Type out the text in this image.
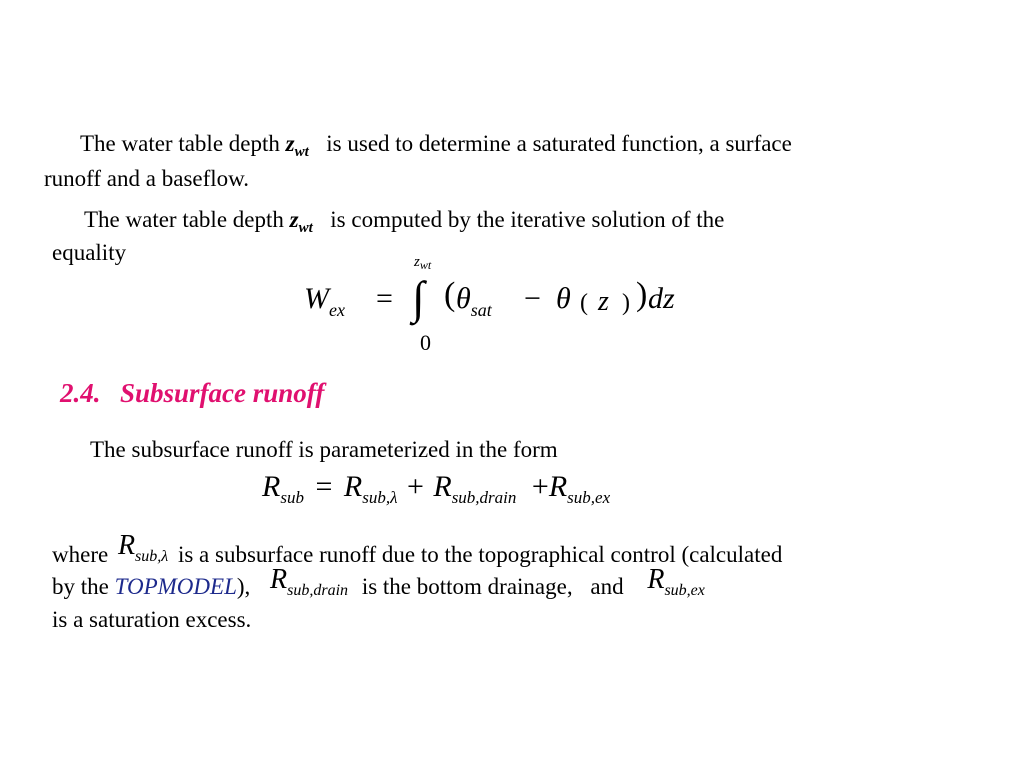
The water table depth $z_{wt}$ is used to determine a saturated function, a surface
runoff and a baseflow.
The water table depth $z_{wt}$ is computed by the iterative solution of the
equality
$W_{ex}$ =
$z_{wt}$
∫
0
( $\theta_{sat} - \theta$ ( z ) ) dz
2.4. Subsurface runoff
The subsurface runoff is parameterized in the form
$R_{sub} = R_{sub,\lambda} + R_{sub,drain} +R_{sub,ex}$
where $R_{sub,\lambda}$ is a subsurface runoff due to the topographical control (calculated
by the TOPMODEL), $R_{sub,drain}$ is the bottom drainage, and $R_{sub,ex}$
is a saturation excess.
